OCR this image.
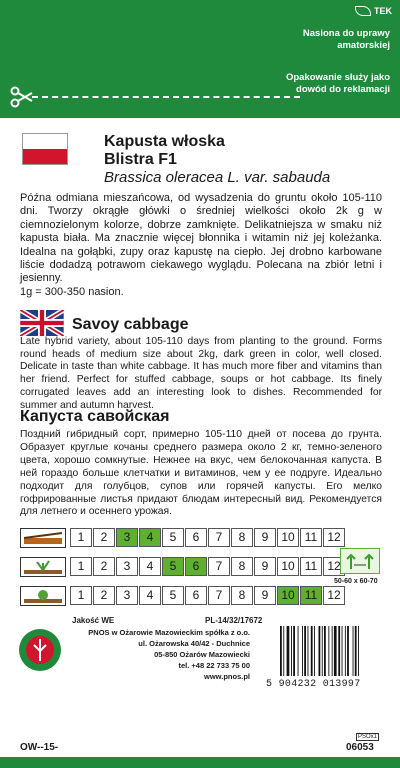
TEK
Nasiona do uprawy amatorskiej
Opakowanie służy jako dowód do reklamacji
Kapusta włoska
Blistra F1
Brassica oleracea L. var. sabauda
Późna odmiana mieszańcowa, od wysadzenia do gruntu około 105-110 dni. Tworzy okrągłe główki o średniej wielkości około 2k g w ciemnozielonym kolorze, dobrze zamknięte. Delikatniejsza w smaku niż kapusta biała. Ma znacznie więcej błonnika i witamin niż jej koleżanka. Idealna na gołąbki, zupy oraz kapustę na ciepło. Jej drobno karbowane liście dodadzą potrawom ciekawego wyglądu. Polecana na zbiór letni i jesienny.
1g = 300-350 nasion.
Savoy cabbage
Late hybrid variety, about 105-110 days from planting to the ground. Forms round heads of medium size about 2kg, dark green in color, well closed. Delicate in taste than white cabbage. It has much more fiber and vitamins than her friend. Perfect for stuffed cabbage, soups or hot cabbage. Its finely corrugated leaves add an interesting look to dishes. Recommended for summer and autumn harvest.
Капуста савойская
Поздний гибридный сорт, примерно 105-110 дней от посева до грунта. Образует круглые кочаны среднего размера около 2 кг, темно-зеленого цвета, хорошо сомкнутые. Нежнее на вкус, чем белокочанная капуста. В ней гораздо больше клетчатки и витаминов, чем у ее подруге. Идеально подходит для голубцов, супов или горячей капусты. Его мелко гофрированные листья придают блюдам интересный вид. Рекомендуется для летнего и осеннего урожая.
1	2	3	4	5	6	7	8	9	10 11 12
1	2	3	4	5	6	7	8	9	10 11 12
1	2	3	4	5	6	7	8	9	10 11 12
50-60 x 60-70
Jakość WE	PL-14/32/17672
PNOS w Ożarowie Mazowieckim spółka z o.o.
ul. Ożarowska 40/42 - Duchnice
05-850 Ożarów Mazowiecki
tel. +48 22 733 75 00
www.pnos.pl
5 904232 013997
OW--15-
PSOx1
06053
